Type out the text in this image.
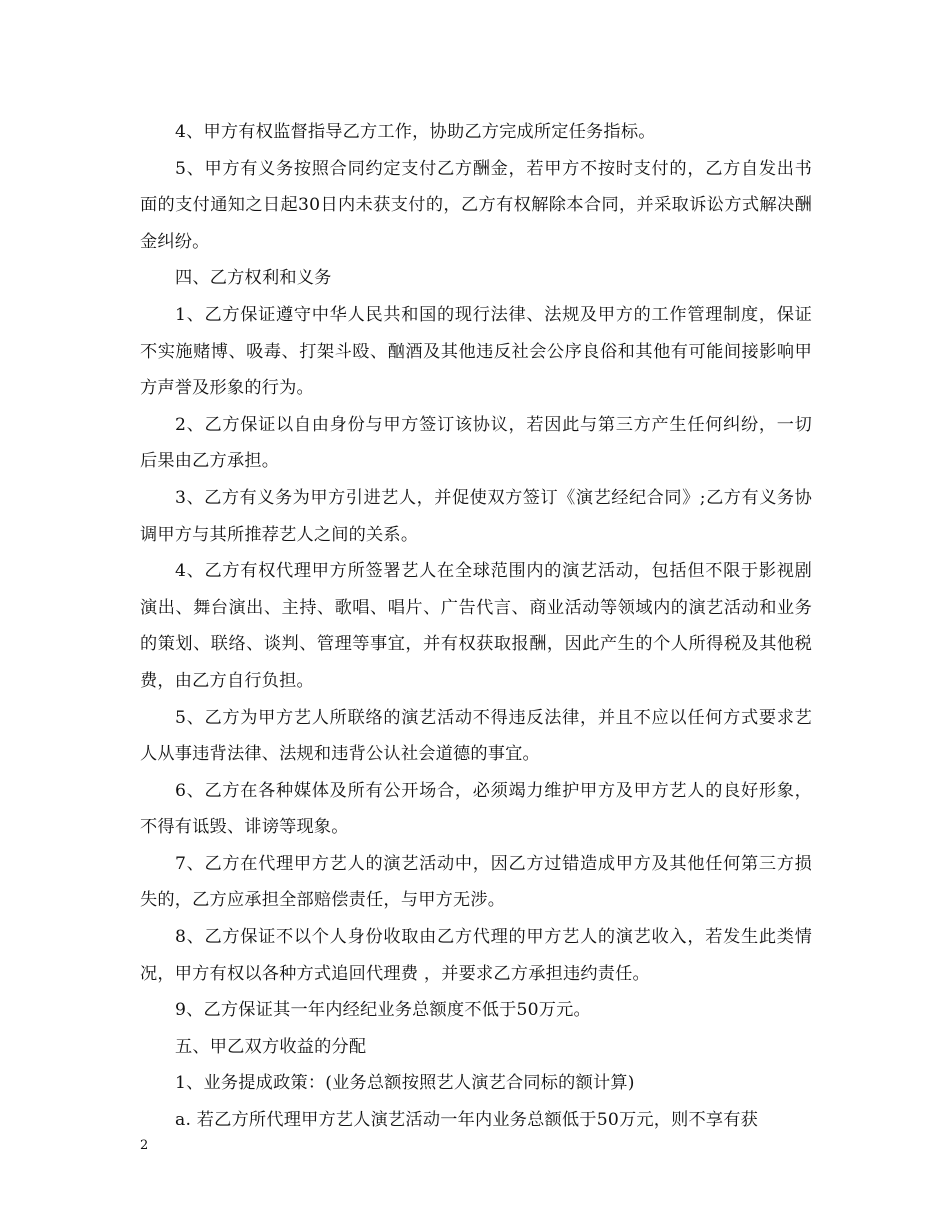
4、甲方有权监督指导乙方工作，协助乙方完成所定任务指标。

5、甲方有义务按照合同约定支付乙方酬金，若甲方不按时支付的，乙方自发出书面的支付通知之日起30日内未获支付的，乙方有权解除本合同，并采取诉讼方式解决酬金纠纷。

四、乙方权利和义务

1、乙方保证遵守中华人民共和国的现行法律、法规及甲方的工作管理制度，保证不实施赌博、吸毒、打架斗殴、酗酒及其他违反社会公序良俗和其他有可能间接影响甲方声誉及形象的行为。

2、乙方保证以自由身份与甲方签订该协议，若因此与第三方产生任何纠纷，一切后果由乙方承担。

3、乙方有义务为甲方引进艺人，并促使双方签订《演艺经纪合同》;乙方有义务协调甲方与其所推荐艺人之间的关系。

4、乙方有权代理甲方所签署艺人在全球范围内的演艺活动，包括但不限于影视剧演出、舞台演出、主持、歌唱、唱片、广告代言、商业活动等领域内的演艺活动和业务的策划、联络、谈判、管理等事宜，并有权获取报酬，因此产生的个人所得税及其他税费，由乙方自行负担。

5、乙方为甲方艺人所联络的演艺活动不得违反法律，并且不应以任何方式要求艺人从事违背法律、法规和违背公认社会道德的事宜。

6、乙方在各种媒体及所有公开场合，必须竭力维护甲方及甲方艺人的良好形象，不得有诋毁、诽谤等现象。

7、乙方在代理甲方艺人的演艺活动中，因乙方过错造成甲方及其他任何第三方损失的，乙方应承担全部赔偿责任，与甲方无涉。

8、乙方保证不以个人身份收取由乙方代理的甲方艺人的演艺收入，若发生此类情况，甲方有权以各种方式追回代理费 ，并要求乙方承担违约责任。

9、乙方保证其一年内经纪业务总额度不低于50万元。

五、甲乙双方收益的分配

1、业务提成政策：(业务总额按照艺人演艺合同标的额计算)

a. 若乙方所代理甲方艺人演艺活动一年内业务总额低于50万元，则不享有获

2
